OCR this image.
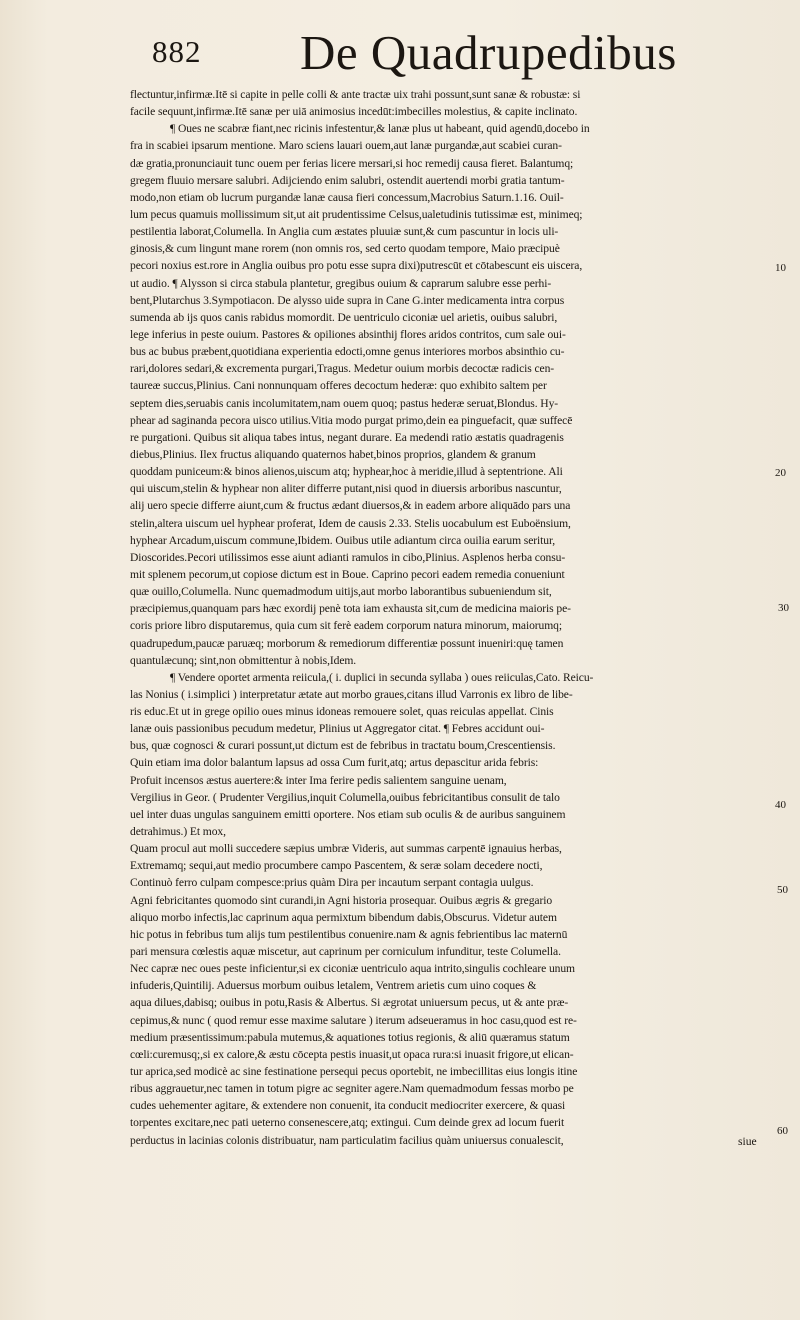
882 De Quadrupedibus
flectuntur,infirmæ.Itē si capite in pelle colli & ante tractæ uix trahi possunt,sunt sanæ & robustæ: si
facile sequunt,infirmæ.Itē sanæ per uiā animosius incedūt:imbecilles molestius, & capite inclinato.
¶ Oues ne scabræ fiant,nec ricinis infestentur,& lanæ plus ut habeant, quid agendū,docebo in
fra in scabiei ipsarum mentione. Maro sciens lauari ouem,aut lanæ purgandæ,aut scabiei curan-
dæ gratia,pronunciauit tunc ouem per ferias licere mersari,si hoc remedij causa fieret. Balantumq;
gregem fluuio mersare salubri. Adijciendo enim salubri, ostendit auertendi morbi gratia tantum-
modo,non etiam ob lucrum purgandæ lanæ causa fieri concessum,Macrobius Saturn.1.16. Ouil-
lum pecus quamuis mollissimum sit,ut ait prudentissime Celsus,ualetudinis tutissimæ est, minimeq;
pestilentia laborat,Columella. In Anglia cum æstates pluuiæ sunt,& cum pascuntur in locis uli-
ginosis,& cum lingunt mane rorem (non omnis ros, sed certo quodam tempore, Maio præcipuè
pecori noxius est.rore in Anglia ouibus pro potu esse supra dixi)putrescūt et cōtabescunt eis uiscera,
ut audio. ¶ Alysson si circa stabula plantetur, gregibus ouium & caprarum salubre esse perhi-
bent,Plutarchus 3.Sympotiacon. De alysso uide supra in Cane G.inter medicamenta intra corpus
sumenda ab ijs quos canis rabidus momordit. De uentriculo ciconiæ uel arietis, ouibus salubri,
lege inferius in peste ouium. Pastores & opiliones absinthij flores aridos contritos, cum sale oui-
bus ac bubus præbent,quotidiana experientia edocti,omne genus interiores morbos absinthio cu-
rari,dolores sedari,& excrementa purgari,Tragus. Medetur ouium morbis decoctæ radicis cen-
taureæ succus,Plinius. Cani nonnunquam offeres decoctum hederæ: quo exhibito saltem per
septem dies,seruabis canis incolumitatem,nam ouem quoq; pastus hederæ seruat,Blondus. Hy-
phear ad saginanda pecora uisco utilius.Vitia modo purgat primo,dein ea pinguefacit, quæ suffecē
re purgationi. Quibus sit aliqua tabes intus, negant durare. Ea medendi ratio æstatis quadragenis
diebus,Plinius. Ilex fructus aliquando quaternos habet,binos proprios, glandem & granum
quoddam puniceum:& binos alienos,uiscum atq; hyphear,hoc à meridie,illud à septentrione. Ali
qui uiscum,stelin & hyphear non aliter differre putant,nisi quod in diuersis arboribus nascuntur,
alij uero specie differre aiunt,cum & fructus ædant diuersos,& in eadem arbore aliquādo pars una
stelin,altera uiscum uel hyphear proferat, Idem de causis 2.33. Stelis uocabulum est Euboënsium,
hyphear Arcadum,uiscum commune,Ibidem. Ouibus utile adiantum circa ouilia earum seritur,
Dioscorides.Pecori utilissimos esse aiunt adianti ramulos in cibo,Plinius. Asplenos herba consu-
mit splenem pecorum,ut copiose dictum est in Boue. Caprino pecori eadem remedia conueniunt
quæ ouillo,Columella. Nunc quemadmodum uitijs,aut morbo laborantibus subueniendum sit,
præcipiemus,quanquam pars hæc exordij penè tota iam exhausta sit,cum de medicina maioris pe-
coris priore libro disputaremus, quia cum sit ferè eadem corporum natura minorum, maiorumq;
quadrupedum,paucæ paruæq; morborum & remediorum differentiæ possunt inueniri:quę tamen
quantulæcunq; sint,non obmittentur à nobis,Idem.
¶ Vendere oportet armenta reiicula,( i. duplici in secunda syllaba ) oues reiiculas,Cato. Reicu-
las Nonius ( i.simplici ) interpretatur ætate aut morbo graues,citans illud Varronis ex libro de libe-
ris educ.Et ut in grege opilio oues minus idoneas remouere solet, quas reiculas appellat. Cinis
lanæ ouis passionibus pecudum medetur, Plinius ut Aggregator citat. ¶ Febres accidunt oui-
bus, quæ cognosci & curari possunt,ut dictum est de febribus in tractatu boum,Crescentiensis.
Quin etiam ima dolor balantum lapsus ad ossa Cum furit,atq; artus depascitur arida febris:
Profuit incensos æstus auertere:& inter Ima ferire pedis salientem sanguine uenam,
Vergilius in Geor. ( Prudenter Vergilius,inquit Columella,ouibus febricitantibus consulit de talo
uel inter duas ungulas sanguinem emitti oportere. Nos etiam sub oculis & de auribus sanguinem
detrahimus.) Et mox,
Quam procul aut molli succedere sæpius umbræ Videris, aut summas carpentē ignauius herbas,
Extremamq; sequi,aut medio procumbere campo Pascentem, & seræ solam decedere nocti,
Continuò ferro culpam compesce:prius quàm Dira per incautum serpant contagia uulgus.
Agni febricitantes quomodo sint curandi,in Agni historia prosequar. Ouibus ægris & gregario
aliquo morbo infectis,lac caprinum aqua permixtum bibendum dabis,Obscurus. Videtur autem
hic potus in febribus tum alijs tum pestilentibus conuenire.nam & agnis febrientibus lac maternū
pari mensura cœlestis aquæ miscetur, aut caprinum per corniculum infunditur, teste Columella.
Nec capræ nec oues peste inficientur,si ex ciconiæ uentriculo aqua intrito,singulis cochleare unum
infuderis,Quintilij. Aduersus morbum ouibus letalem, Ventrem arietis cum uino coques &
aqua dilues,dabisq; ouibus in potu,Rasis & Albertus. Si ægrotat uniuersum pecus, ut & ante præ-
cepimus,& nunc ( quod remur esse maxime salutare ) iterum adseueramus in hoc casu,quod est re-
medium præsentissimum:pabula mutemus,& aquationes totius regionis, & aliū quæramus statum
cœli:curemusq;,si ex calore,& æstu cōcepta pestis inuasit,ut opaca rura:si inuasit frigore,ut elican-
tur aprica,sed modicè ac sine festinatione persequi pecus oportebit, ne imbecillitas eius longis itine
ribus aggrauetur,nec tamen in totum pigre ac segniter agere.Nam quemadmodum fessas morbo pe
cudes uehementer agitare, & extendere non conuenit, ita conducit mediocriter exercere, & quasi
torpentes excitare,nec pati ueterno consenescere,atq; extingui. Cum deinde grex ad locum fuerit
perductus in lacinias colonis distribuatur, nam particulatim facilius quàm uniuersus conualescit,
10
20
30
40
50
60
siue
